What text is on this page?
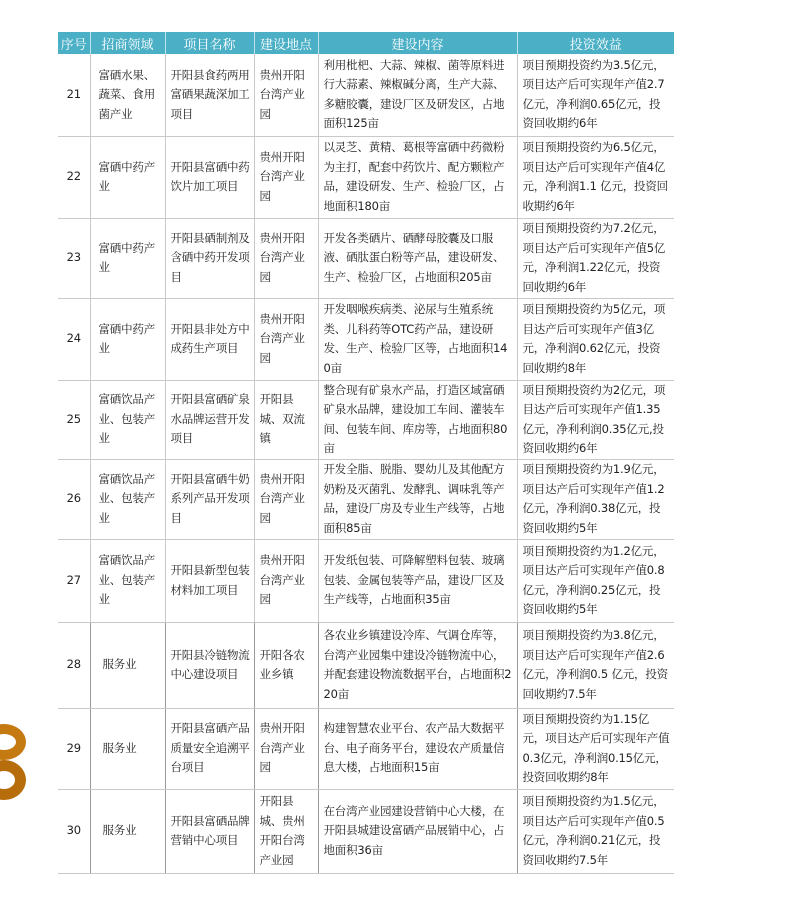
序号	招商领域	项目名称	建设地点	建设内容	投资效益
21	富硒水果、蔬菜、食用菌产业	开阳县食药两用富硒果蔬深加工项目	贵州开阳台湾产业园	利用枇杷、大蒜、辣椒、菌等原料进行大蒜素、辣椒碱分离，生产大蒜、多糖胶囊，建设厂区及研发区，占地面积125亩	项目预期投资约为3.5亿元，项目达产后可实现年产值2.7亿元，净利润0.65亿元，投资回收期约6年
22	富硒中药产业	开阳县富硒中药饮片加工项目	贵州开阳台湾产业园	以灵芝、黄精、葛根等富硒中药微粉为主打，配套中药饮片、配方颗粒产品，建设研发、生产、检验厂区，占地面积180亩	项目预期投资约为6.5亿元，项目达产后可实现年产值4亿元，净利润1.1 亿元，投资回收期约6年
23	富硒中药产业	开阳县硒制剂及含硒中药开发项目	贵州开阳台湾产业园	开发各类硒片、硒酵母胶囊及口服液、硒肽蛋白粉等产品，建设研发、生产、检验厂区，占地面积205亩	项目预期投资约为7.2亿元，项目达产后可实现年产值5亿元，净利润1.22亿元，投资回收期约6年
24	富硒中药产业	开阳县非处方中成药生产项目	贵州开阳台湾产业园	开发咽喉疾病类、泌尿与生殖系统类、儿科药等OTC药产品，建设研发、生产、检验厂区等，占地面积140亩	项目预期投资约为5亿元，项目达产后可实现年产值3亿元，净利润0.62亿元，投资回收期约8年
25	富硒饮品产业、包装产业	开阳县富硒矿泉水品牌运营开发项目	开阳县城、双流镇	整合现有矿泉水产品，打造区域富硒矿泉水品牌，建设加工车间、灌装车间、包装车间、库房等，占地面积80亩	项目预期投资约为2亿元，项目达产后可实现年产值1.35亿元，净利利润0.35亿元,投资回收期约6年
26	富硒饮品产业、包装产业	开阳县富硒牛奶系列产品开发项目	贵州开阳台湾产业园	开发全脂、脱脂、婴幼儿及其他配方奶粉及灭菌乳、发酵乳、调味乳等产品，建设厂房及专业生产线等，占地面积85亩	项目预期投资约为1.9亿元，项目达产后可实现年产值1.2亿元，净利润0.38亿元，投资回收期约5年
27	富硒饮品产业、包装产业	开阳县新型包装材料加工项目	贵州开阳台湾产业园	开发纸包装、可降解塑料包装、玻璃包装、金属包装等产品，建设厂区及生产线等，占地面积35亩	项目预期投资约为1.2亿元，项目达产后可实现年产值0.8亿元，净利润0.25亿元，投资回收期约5年
28	服务业	开阳县冷链物流中心建设项目	开阳各农业乡镇	各农业乡镇建设冷库、气调仓库等，台湾产业园集中建设冷链物流中心，并配套建设物流数据平台，占地面积220亩	项目预期投资约为3.8亿元，项目达产后可实现年产值2.6亿元，净利润0.5 亿元，投资回收期约7.5年
29	服务业	开阳县富硒产品质量安全追溯平台项目	贵州开阳台湾产业园	构建智慧农业平台、农产品大数据平台、电子商务平台，建设农产质量信息大楼，占地面积15亩	项目预期投资约为1.15亿元，项目达产后可实现年产值0.3亿元，净利润0.15亿元，投资回收期约8年
30	服务业	开阳县富硒品牌营销中心项目	开阳县城、贵州开阳台湾产业园	在台湾产业园建设营销中心大楼，在开阳县城建设富硒产品展销中心，占地面积36亩	项目预期投资约为1.5亿元，项目达产后可实现年产值0.5亿元，净利润0.21亿元，投资回收期约7.5年
